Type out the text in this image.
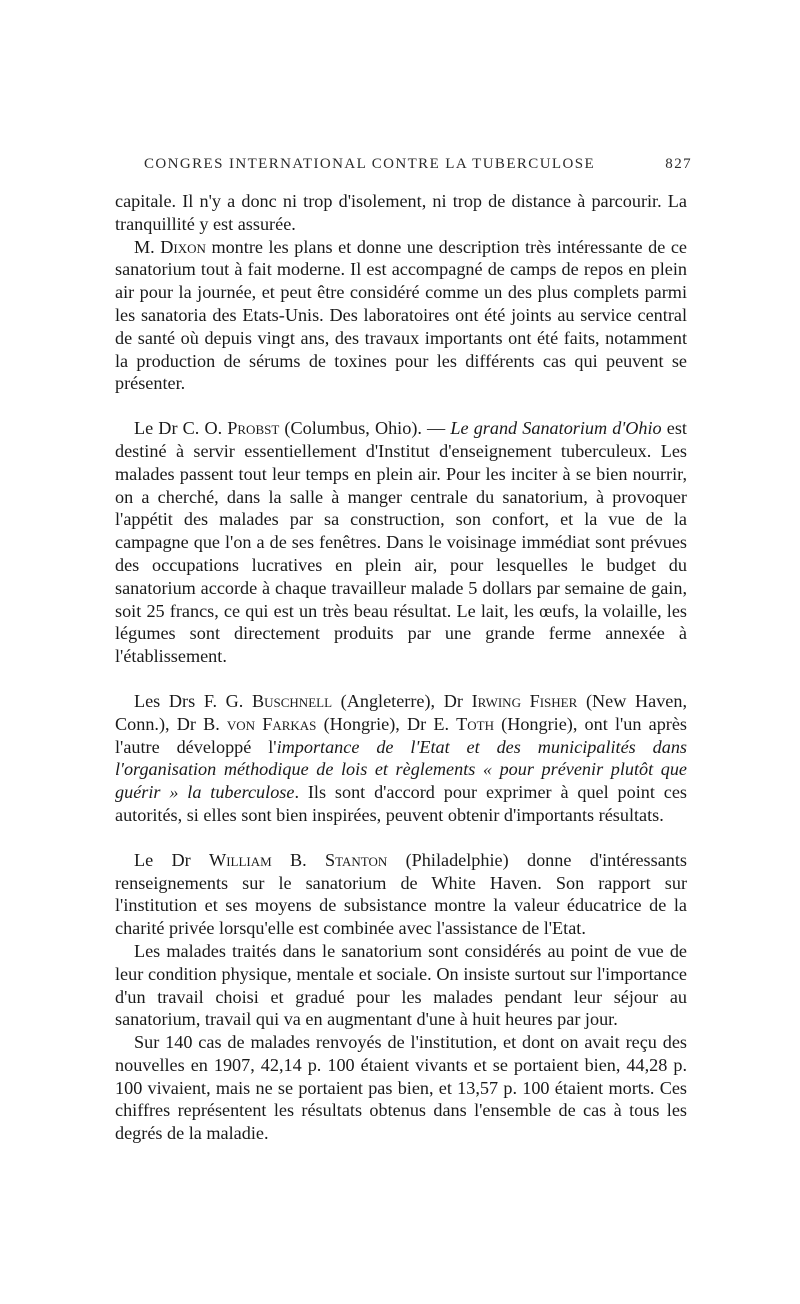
CONGRES INTERNATIONAL CONTRE LA TUBERCULOSE	827

capitale. Il n'y a donc ni trop d'isolement, ni trop de distance à parcourir. La tranquillité y est assurée.

M. Dixon montre les plans et donne une description très intéressante de ce sanatorium tout à fait moderne. Il est accompagné de camps de repos en plein air pour la journée, et peut être considéré comme un des plus complets parmi les sanatoria des Etats-Unis. Des laboratoires ont été joints au service central de santé où depuis vingt ans, des travaux importants ont été faits, notamment la production de sérums de toxines pour les différents cas qui peuvent se présenter.

Le Dr C. O. Probst (Columbus, Ohio). — Le grand Sanatorium d'Ohio est destiné à servir essentiellement d'Institut d'enseignement tuberculeux. Les malades passent tout leur temps en plein air. Pour les inciter à se bien nourrir, on a cherché, dans la salle à manger centrale du sanatorium, à provoquer l'appétit des malades par sa construction, son confort, et la vue de la campagne que l'on a de ses fenêtres. Dans le voisinage immédiat sont prévues des occupations lucratives en plein air, pour lesquelles le budget du sanatorium accorde à chaque travailleur malade 5 dollars par semaine de gain, soit 25 francs, ce qui est un très beau résultat. Le lait, les œufs, la volaille, les légumes sont directement produits par une grande ferme annexée à l'établissement.

Les Drs F. G. Buschnell (Angleterre), Dr Irwing Fisher (New Haven, Conn.), Dr B. von Farkas (Hongrie), Dr E. Toth (Hongrie), ont l'un après l'autre développé l'importance de l'Etat et des municipalités dans l'organisation méthodique de lois et règlements « pour prévenir plutôt que guérir » la tuberculose. Ils sont d'accord pour exprimer à quel point ces autorités, si elles sont bien inspirées, peuvent obtenir d'importants résultats.

Le Dr William B. Stanton (Philadelphie) donne d'intéressants renseignements sur le sanatorium de White Haven. Son rapport sur l'institution et ses moyens de subsistance montre la valeur éducatrice de la charité privée lorsqu'elle est combinée avec l'assistance de l'Etat.

Les malades traités dans le sanatorium sont considérés au point de vue de leur condition physique, mentale et sociale. On insiste surtout sur l'importance d'un travail choisi et gradué pour les malades pendant leur séjour au sanatorium, travail qui va en augmentant d'une à huit heures par jour.

Sur 140 cas de malades renvoyés de l'institution, et dont on avait reçu des nouvelles en 1907, 42,14 p. 100 étaient vivants et se portaient bien, 44,28 p. 100 vivaient, mais ne se portaient pas bien, et 13,57 p. 100 étaient morts. Ces chiffres représentent les résultats obtenus dans l'ensemble de cas à tous les degrés de la maladie.
